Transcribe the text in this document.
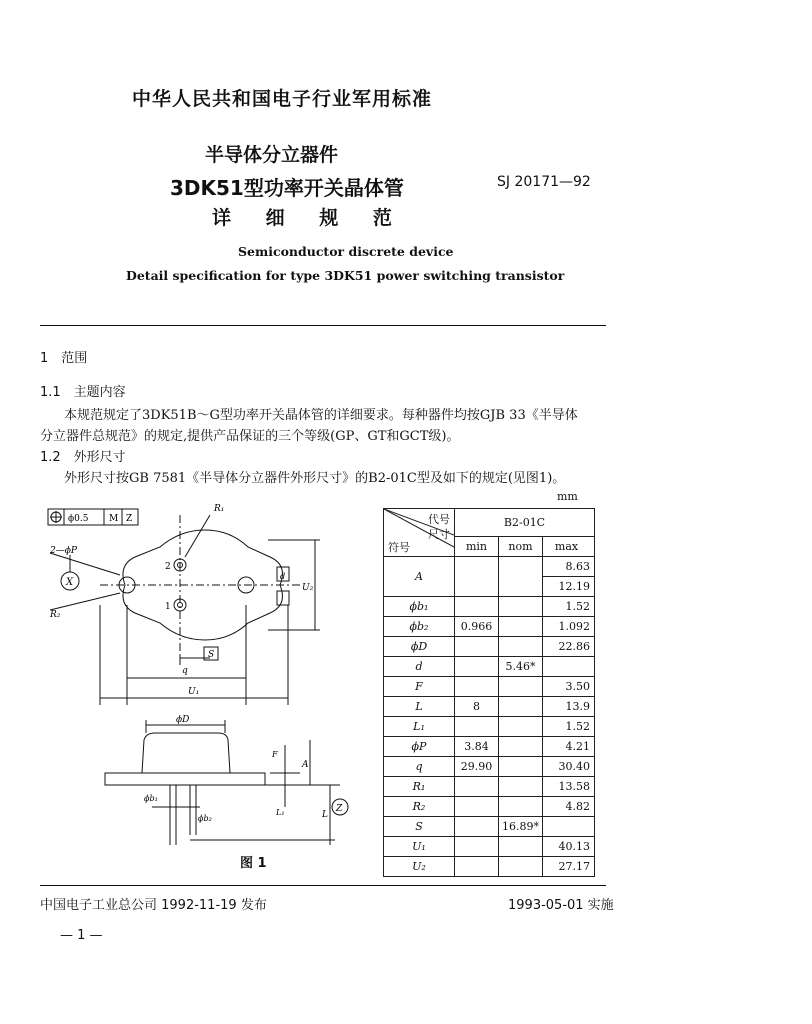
中华人民共和国电子行业军用标准
半导体分立器件
3DK51型功率开关晶体管
详 细 规 范
SJ 20171—92
Semiconductor discrete device
Detail specification for type 3DK51 power switching transistor
1　范围
1.1　主题内容
本规范规定了3DK51B～G型功率开关晶体管的详细要求。每种器件均按GJB 33《半导体
分立器件总规范》的规定,提供产品保证的三个等级(GP、GT和GCT级)。
1.2　外形尺寸
外形尺寸按GB 7581《半导体分立器件外形尺寸》的B2-01C型及如下的规定(见图1)。
mm
ϕ0.5 M Z
2—ϕP
X
R₁
R₂
S
q
U₁
U₂
d
ϕD
F
A
L
L₁
ϕb₁
ϕb₂
Z
2
1
图 1
代号
尺寸
符号	B2-01C		
	min	nom	max
A			8.63
			12.19
ϕb₁			1.52
ϕb₂	0.966		1.092
ϕD			22.86
d		5.46*	
F			3.50
L	8		13.9
L₁			1.52
ϕP	3.84		4.21
q	29.90		30.40
R₁			13.58
R₂			4.82
S		16.89*	
U₁			40.13
U₂			27.17
中国电子工业总公司 1992-11-19 发布	1993-05-01 实施
— 1 —
